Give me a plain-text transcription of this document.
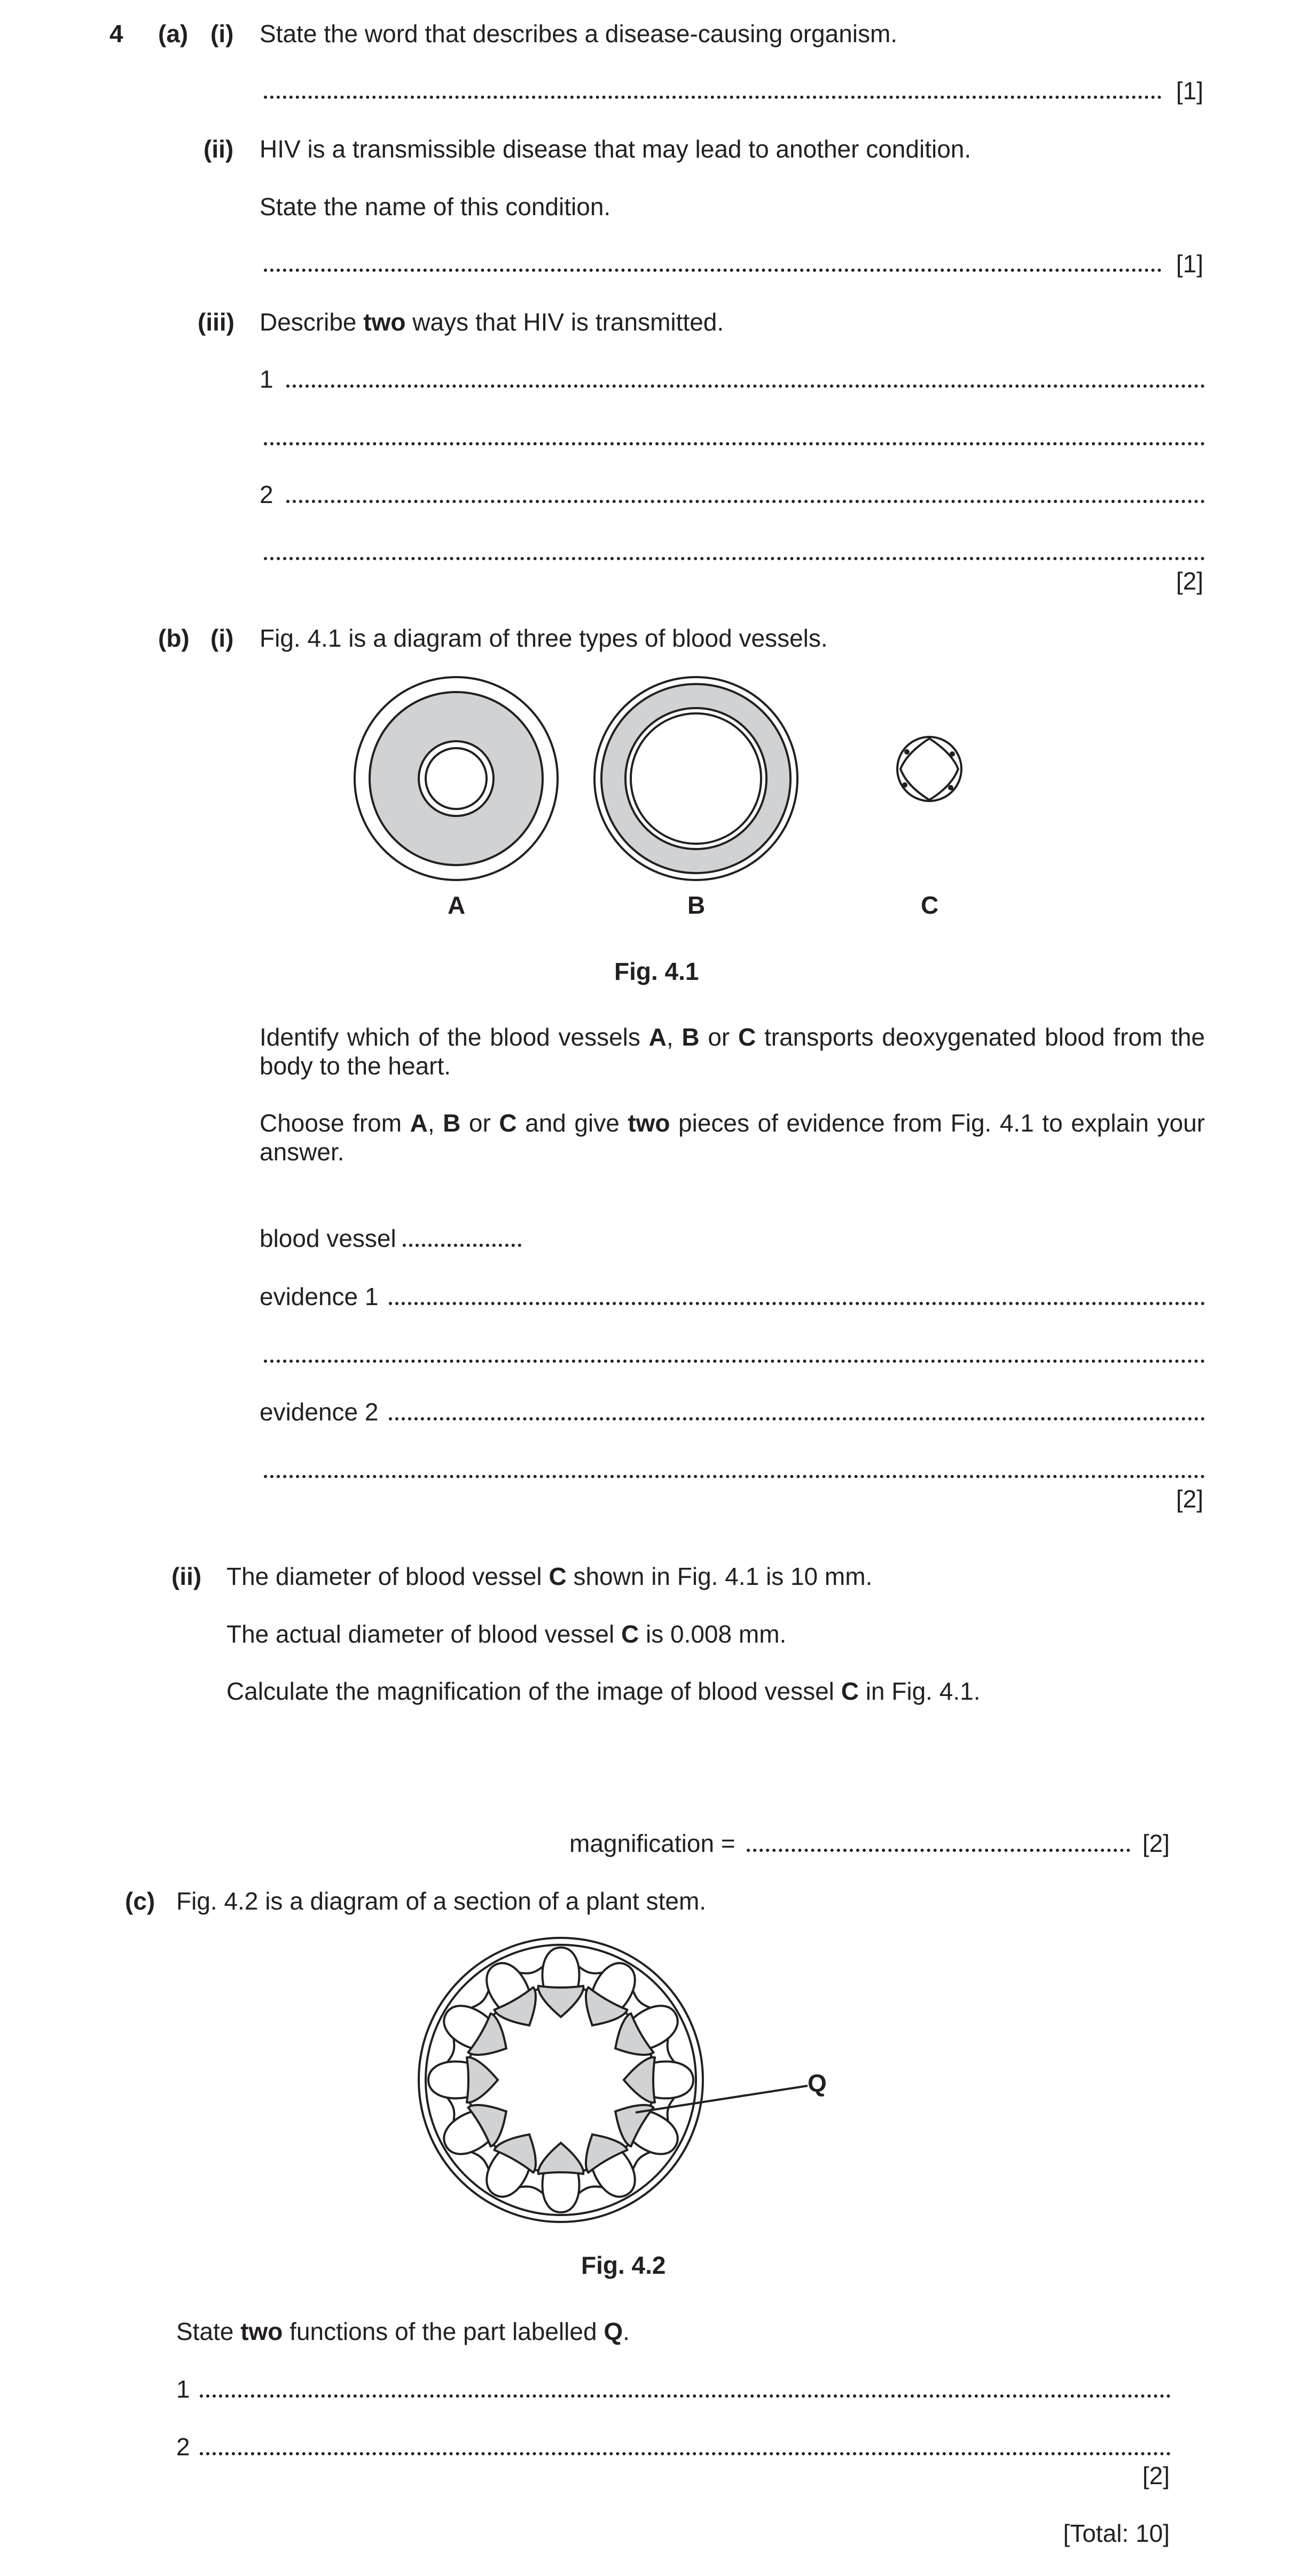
4 (a) (i) State the word that describes a disease-causing organism.
[1]
(ii) HIV is a transmissible disease that may lead to another condition.
State the name of this condition.
[1]
(iii) Describe two ways that HIV is transmitted.
1
2
[2]
(b) (i) Fig. 4.1 is a diagram of three types of blood vessels.
A	B	C
Fig. 4.1
Identify which of the blood vessels A, B or C transports deoxygenated blood from the body to the heart.
Choose from A, B or C and give two pieces of evidence from Fig. 4.1 to explain your answer.
blood vessel
evidence 1
evidence 2
[2]
(ii) The diameter of blood vessel C shown in Fig. 4.1 is 10 mm.
The actual diameter of blood vessel C is 0.008 mm.
Calculate the magnification of the image of blood vessel C in Fig. 4.1.
magnification =	[2]
(c) Fig. 4.2 is a diagram of a section of a plant stem.
Q
Fig. 4.2
State two functions of the part labelled Q.
1
2
[2]
[Total: 10]
